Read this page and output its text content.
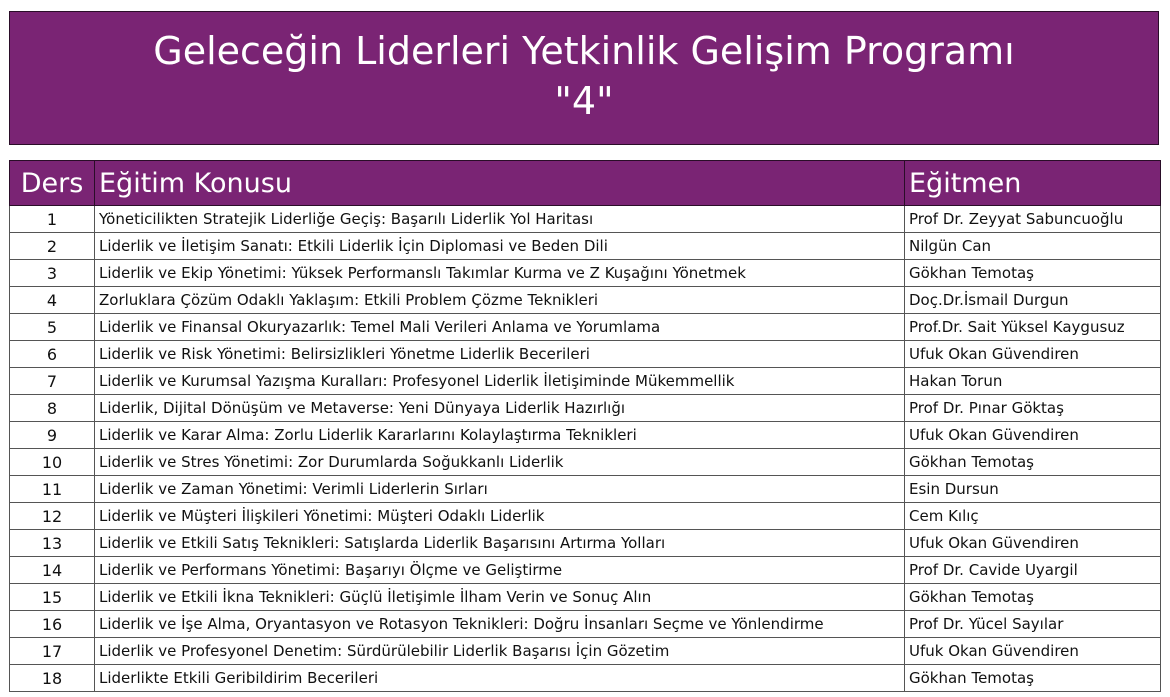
Geleceğin Liderleri Yetkinlik Gelişim Programı
"4"
Ders	Eğitim Konusu	Eğitmen
1	Yöneticilikten Stratejik Liderliğe Geçiş: Başarılı Liderlik Yol Haritası	Prof Dr. Zeyyat Sabuncuoğlu
2	Liderlik ve İletişim Sanatı: Etkili Liderlik İçin Diplomasi ve Beden Dili	Nilgün Can
3	Liderlik ve Ekip Yönetimi: Yüksek Performanslı Takımlar Kurma ve Z Kuşağını Yönetmek	Gökhan Temotaş
4	Zorluklara Çözüm Odaklı Yaklaşım: Etkili Problem Çözme Teknikleri	Doç.Dr.İsmail Durgun
5	Liderlik ve Finansal Okuryazarlık: Temel Mali Verileri Anlama ve Yorumlama	Prof.Dr. Sait Yüksel Kaygusuz
6	Liderlik ve Risk Yönetimi: Belirsizlikleri Yönetme Liderlik Becerileri	Ufuk Okan Güvendiren
7	Liderlik ve Kurumsal Yazışma Kuralları: Profesyonel Liderlik İletişiminde Mükemmellik	Hakan Torun
8	Liderlik, Dijital Dönüşüm ve Metaverse: Yeni Dünyaya Liderlik Hazırlığı	Prof Dr. Pınar Göktaş
9	Liderlik ve Karar Alma: Zorlu Liderlik Kararlarını Kolaylaştırma Teknikleri	Ufuk Okan Güvendiren
10	Liderlik ve Stres Yönetimi: Zor Durumlarda Soğukkanlı Liderlik	Gökhan Temotaş
11	Liderlik ve Zaman Yönetimi: Verimli Liderlerin Sırları	Esin Dursun
12	Liderlik ve Müşteri İlişkileri Yönetimi: Müşteri Odaklı Liderlik	Cem Kılıç
13	Liderlik ve Etkili Satış Teknikleri: Satışlarda Liderlik Başarısını Artırma Yolları	Ufuk Okan Güvendiren
14	Liderlik ve Performans Yönetimi: Başarıyı Ölçme ve Geliştirme	Prof Dr. Cavide Uyargil
15	Liderlik ve Etkili İkna Teknikleri: Güçlü İletişimle İlham Verin ve Sonuç Alın	Gökhan Temotaş
16	Liderlik ve İşe Alma, Oryantasyon ve Rotasyon Teknikleri: Doğru İnsanları Seçme ve Yönlendirme	Prof Dr. Yücel Sayılar
17	Liderlik ve Profesyonel Denetim: Sürdürülebilir Liderlik Başarısı İçin Gözetim	Ufuk Okan Güvendiren
18	Liderlikte Etkili Geribildirim Becerileri	Gökhan Temotaş
